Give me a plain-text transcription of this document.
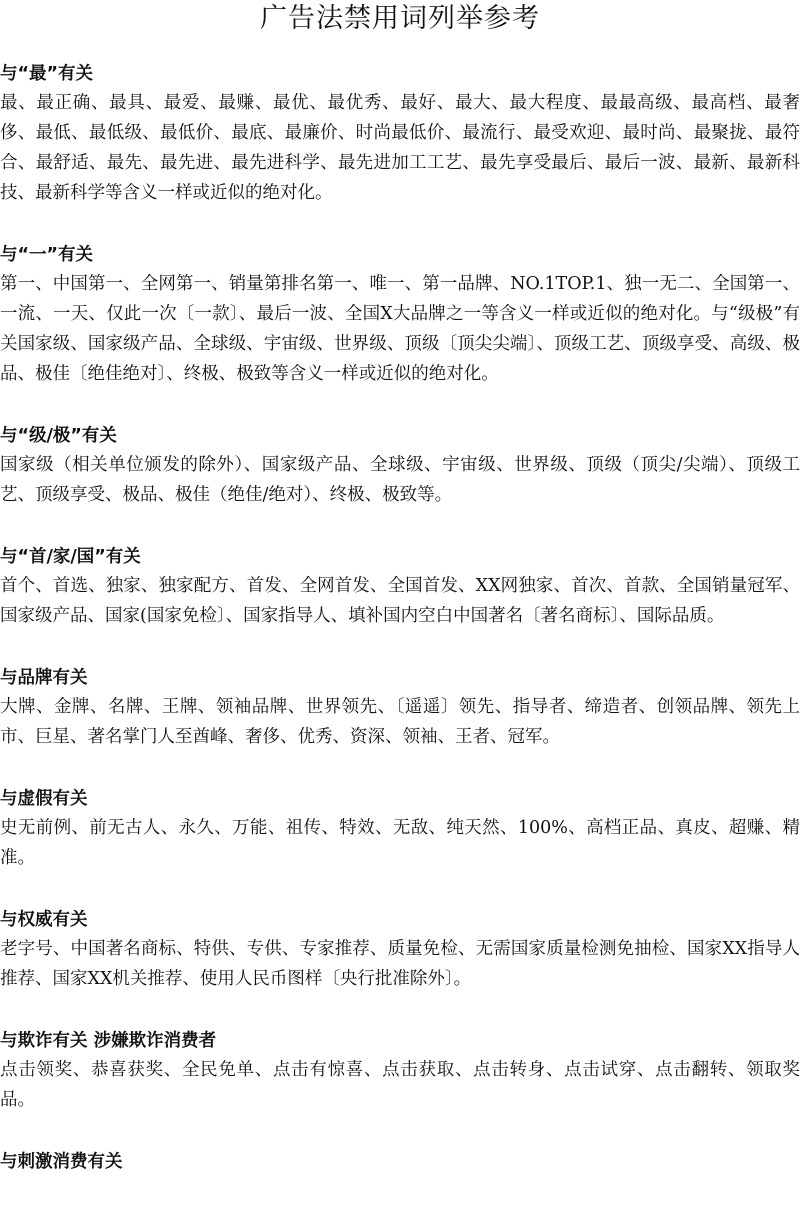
广告法禁用词列举参考
与“最”有关
最、最正确、最具、最爱、最赚、最优、最优秀、最好、最大、最大程度、最最高级、最高档、最奢侈、最低、最低级、最低价、最底、最廉价、时尚最低价、最流行、最受欢迎、最时尚、最聚拢、最符合、最舒适、最先、最先进、最先进科学、最先进加工工艺、最先享受最后、最后一波、最新、最新科技、最新科学等含义一样或近似的绝对化。
与“一”有关
第一、中国第一、全网第一、销量第排名第一、唯一、第一品牌、NO.1TOP.1、独一无二、全国第一、一流、一天、仅此一次〔一款〕、最后一波、全国X大品牌之一等含义一样或近似的绝对化。与“级极”有关国家级、国家级产品、全球级、宇宙级、世界级、顶级〔顶尖尖端〕、顶级工艺、顶级享受、高级、极品、极佳〔绝佳绝对〕、终极、极致等含义一样或近似的绝对化。
与“级/极”有关
国家级（相关单位颁发的除外）、国家级产品、全球级、宇宙级、世界级、顶级（顶尖/尖端）、顶级工艺、顶级享受、极品、极佳（绝佳/绝对）、终极、极致等。
与“首/家/国”有关
首个、首选、独家、独家配方、首发、全网首发、全国首发、XX网独家、首次、首款、全国销量冠军、国家级产品、国家(国家免检〕、国家指导人、填补国内空白中国著名〔著名商标〕、国际品质。
与品牌有关
大牌、金牌、名牌、王牌、领袖品牌、世界领先、〔遥遥〕领先、指导者、缔造者、创领品牌、领先上市、巨星、著名掌门人至酋峰、奢侈、优秀、资深、领袖、王者、冠军。
与虚假有关
史无前例、前无古人、永久、万能、祖传、特效、无敌、纯天然、100%、高档正品、真皮、超赚、精准。
与权威有关
老字号、中国著名商标、特供、专供、专家推荐、质量免检、无需国家质量检测免抽检、国家XX指导人推荐、国家XX机关推荐、使用人民币图样〔央行批准除外〕。
与欺诈有关 涉嫌欺诈消费者
点击领奖、恭喜获奖、全民免单、点击有惊喜、点击获取、点击转身、点击试穿、点击翻转、领取奖品。
与刺激消费有关
